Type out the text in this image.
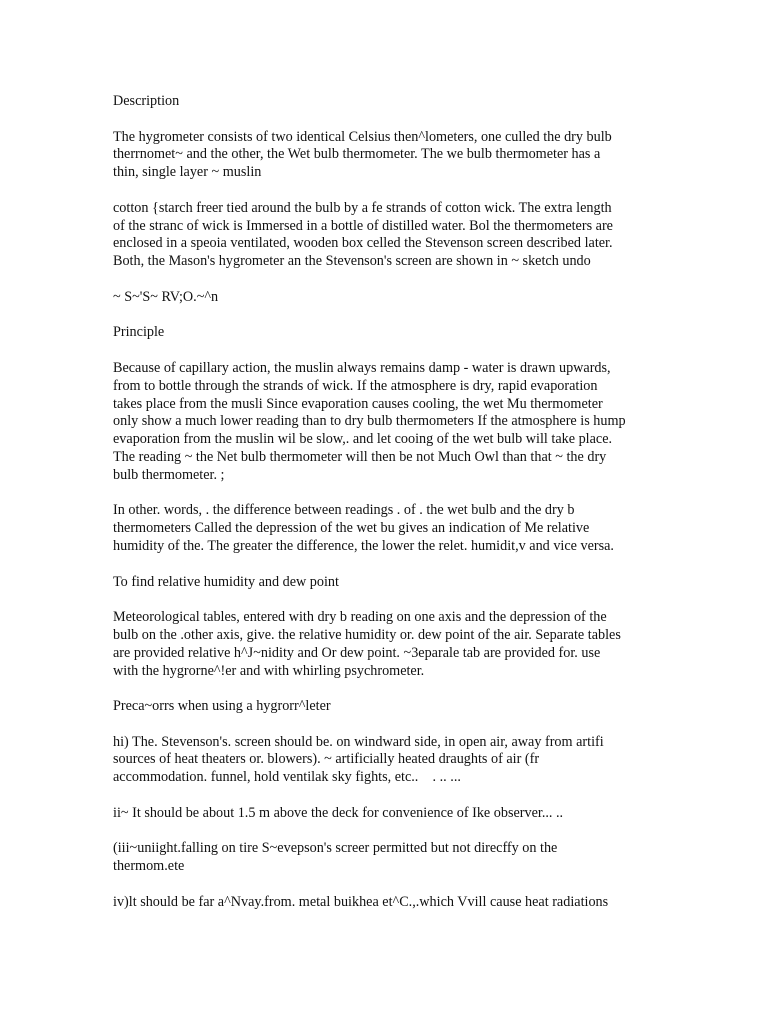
Description

The hygrometer consists of two identical Celsius then^lometers, one culled the dry bulb
therrnomet~ and the other, the Wet bulb thermometer. The we bulb thermometer has a
thin, single layer ~ muslin

cotton {starch freer tied around the bulb by a fe strands of cotton wick. The extra length
of the stranc of wick is Immersed in a bottle of distilled water. Bol the thermometers are
enclosed in a speoia ventilated, wooden box celled the Stevenson screen described later.
Both, the Mason's hygrometer an the Stevenson's screen are shown in ~ sketch undo

~ S~'S~ RV;O.~^n

Principle

Because of capillary action, the muslin always remains damp - water is drawn upwards,
from to bottle through the strands of wick. If the atmosphere is dry, rapid evaporation
takes place from the musli Since evaporation causes cooling, the wet Mu thermometer
only show a much lower reading than to dry bulb thermometers If the atmosphere is hump
evaporation from the muslin wil be slow,. and let cooing of the wet bulb will take place.
The reading ~ the Net bulb thermometer will then be not Much Owl than that ~ the dry
bulb thermometer. ;

In other. words, . the difference between readings . of . the wet bulb and the dry b
thermometers Called the depression of the wet bu gives an indication of Me relative
humidity of the. The greater the difference, the lower the relet. humidit,v and vice versa.

To find relative humidity and dew point

Meteorological tables, entered with dry b reading on one axis and the depression of the
bulb on the .other axis, give. the relative humidity or. dew point of the air. Separate tables
are provided relative h^J~nidity and Or dew point. ~3eparale tab are provided for. use
with the hygrorne^!er and with whirling psychrometer.

Preca~orrs when using a hygrorr^leter

hi) The. Stevenson's. screen should be. on windward side, in open air, away from artifi
sources of heat theaters or. blowers). ~ artificially heated draughts of air (fr
accommodation. funnel, hold ventilak sky fights, etc..    . .. ...

ii~ It should be about 1.5 m above the deck for convenience of Ike observer... ..

(iii~uniight.falling on tire S~evepson's screer permitted but not direcffy on the
thermom.ete

iv)lt should be far a^Nvay.from. metal buikhea et^C.,.which Vvill cause heat radiations
